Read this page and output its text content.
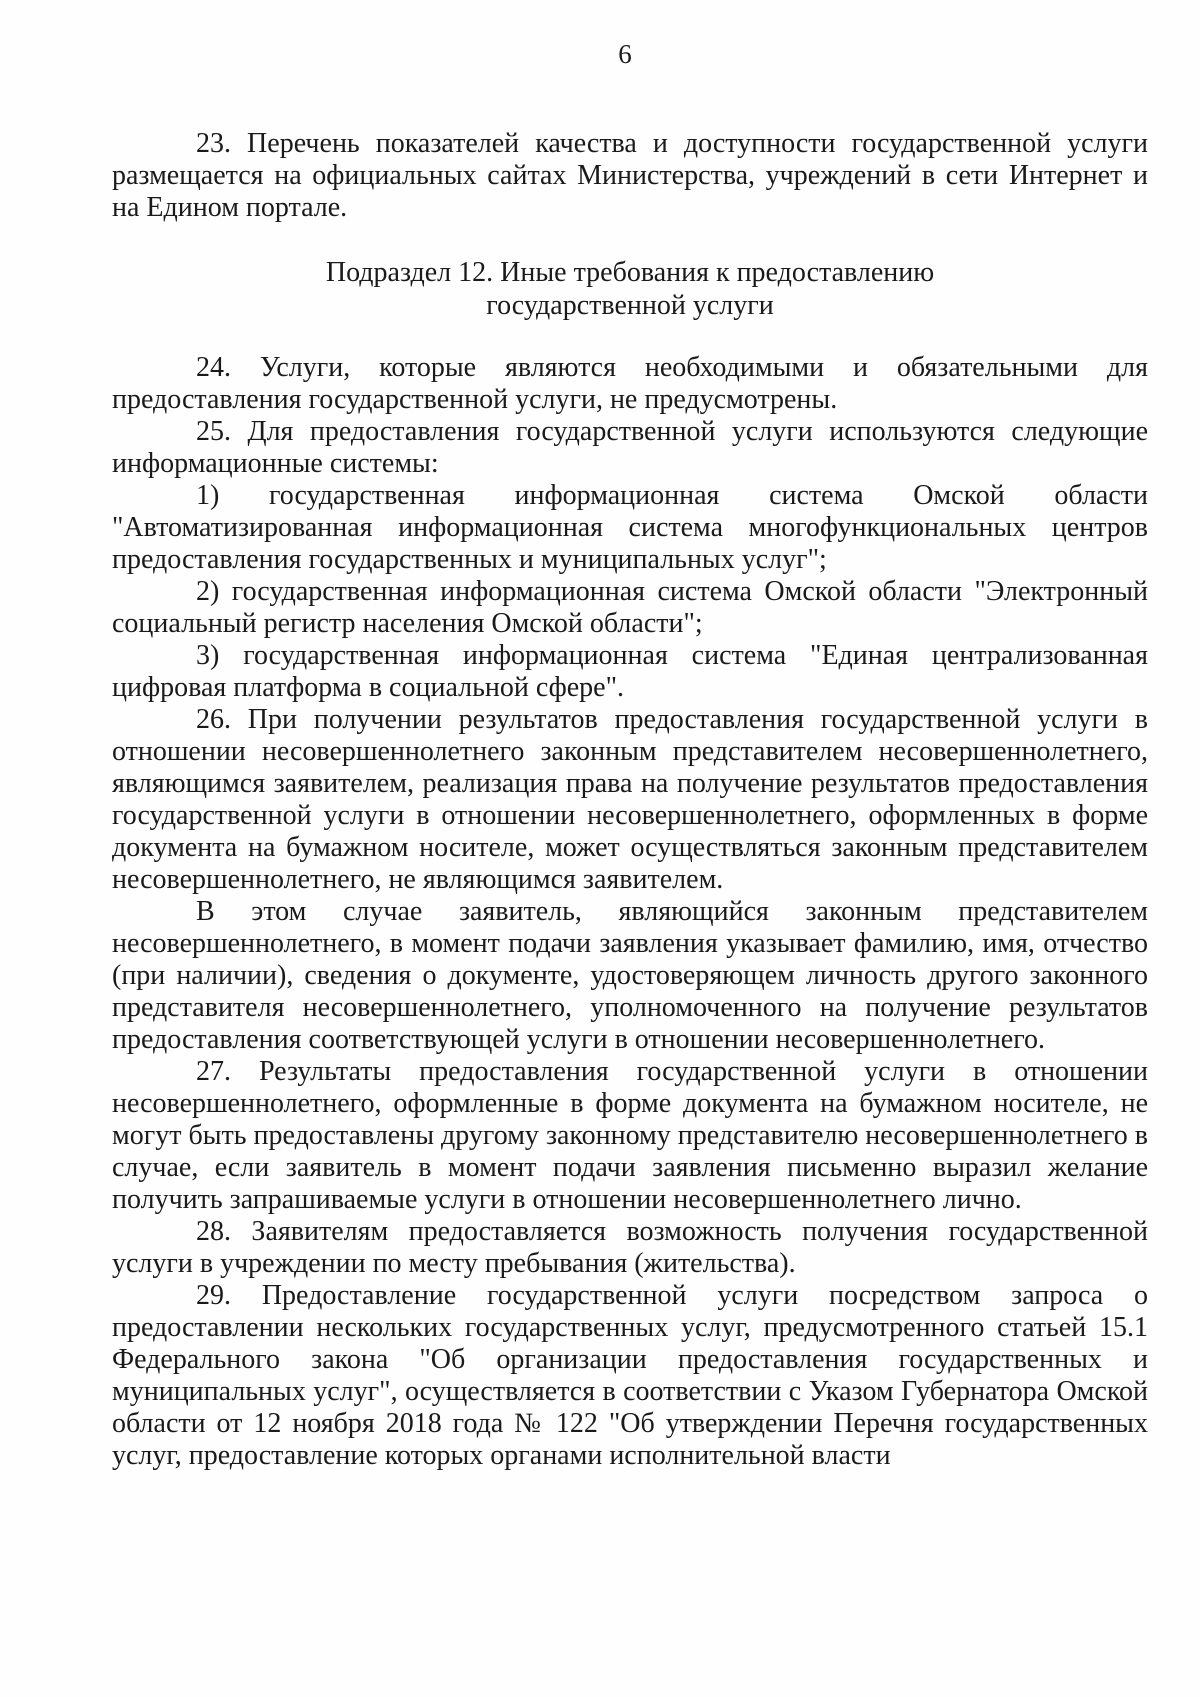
6

23. Перечень показателей качества и доступности государственной услуги размещается на официальных сайтах Министерства, учреждений в сети Интернет и на Едином портале.

Подраздел 12. Иные требования к предоставлению
государственной услуги

24. Услуги, которые являются необходимыми и обязательными для предоставления государственной услуги, не предусмотрены.

25. Для предоставления государственной услуги используются следующие информационные системы:

1) государственная информационная система Омской области "Автоматизированная информационная система многофункциональных центров предоставления государственных и муниципальных услуг";

2) государственная информационная система Омской области "Электронный социальный регистр населения Омской области";

3) государственная информационная система "Единая централизованная цифровая платформа в социальной сфере".

26. При получении результатов предоставления государственной услуги в отношении несовершеннолетнего законным представителем несовершеннолетнего, являющимся заявителем, реализация права на получение результатов предоставления государственной услуги в отношении несовершеннолетнего, оформленных в форме документа на бумажном носителе, может осуществляться законным представителем несовершеннолетнего, не являющимся заявителем.

В этом случае заявитель, являющийся законным представителем несовершеннолетнего, в момент подачи заявления указывает фамилию, имя, отчество (при наличии), сведения о документе, удостоверяющем личность другого законного представителя несовершеннолетнего, уполномоченного на получение результатов предоставления соответствующей услуги в отношении несовершеннолетнего.

27. Результаты предоставления государственной услуги в отношении несовершеннолетнего, оформленные в форме документа на бумажном носителе, не могут быть предоставлены другому законному представителю несовершеннолетнего в случае, если заявитель в момент подачи заявления письменно выразил желание получить запрашиваемые услуги в отношении несовершеннолетнего лично.

28. Заявителям предоставляется возможность получения государственной услуги в учреждении по месту пребывания (жительства).

29. Предоставление государственной услуги посредством запроса о предоставлении нескольких государственных услуг, предусмотренного статьей 15.1 Федерального закона "Об организации предоставления государственных и муниципальных услуг", осуществляется в соответствии с Указом Губернатора Омской области от 12 ноября 2018 года № 122 "Об утверждении Перечня государственных услуг, предоставление которых органами исполнительной власти
